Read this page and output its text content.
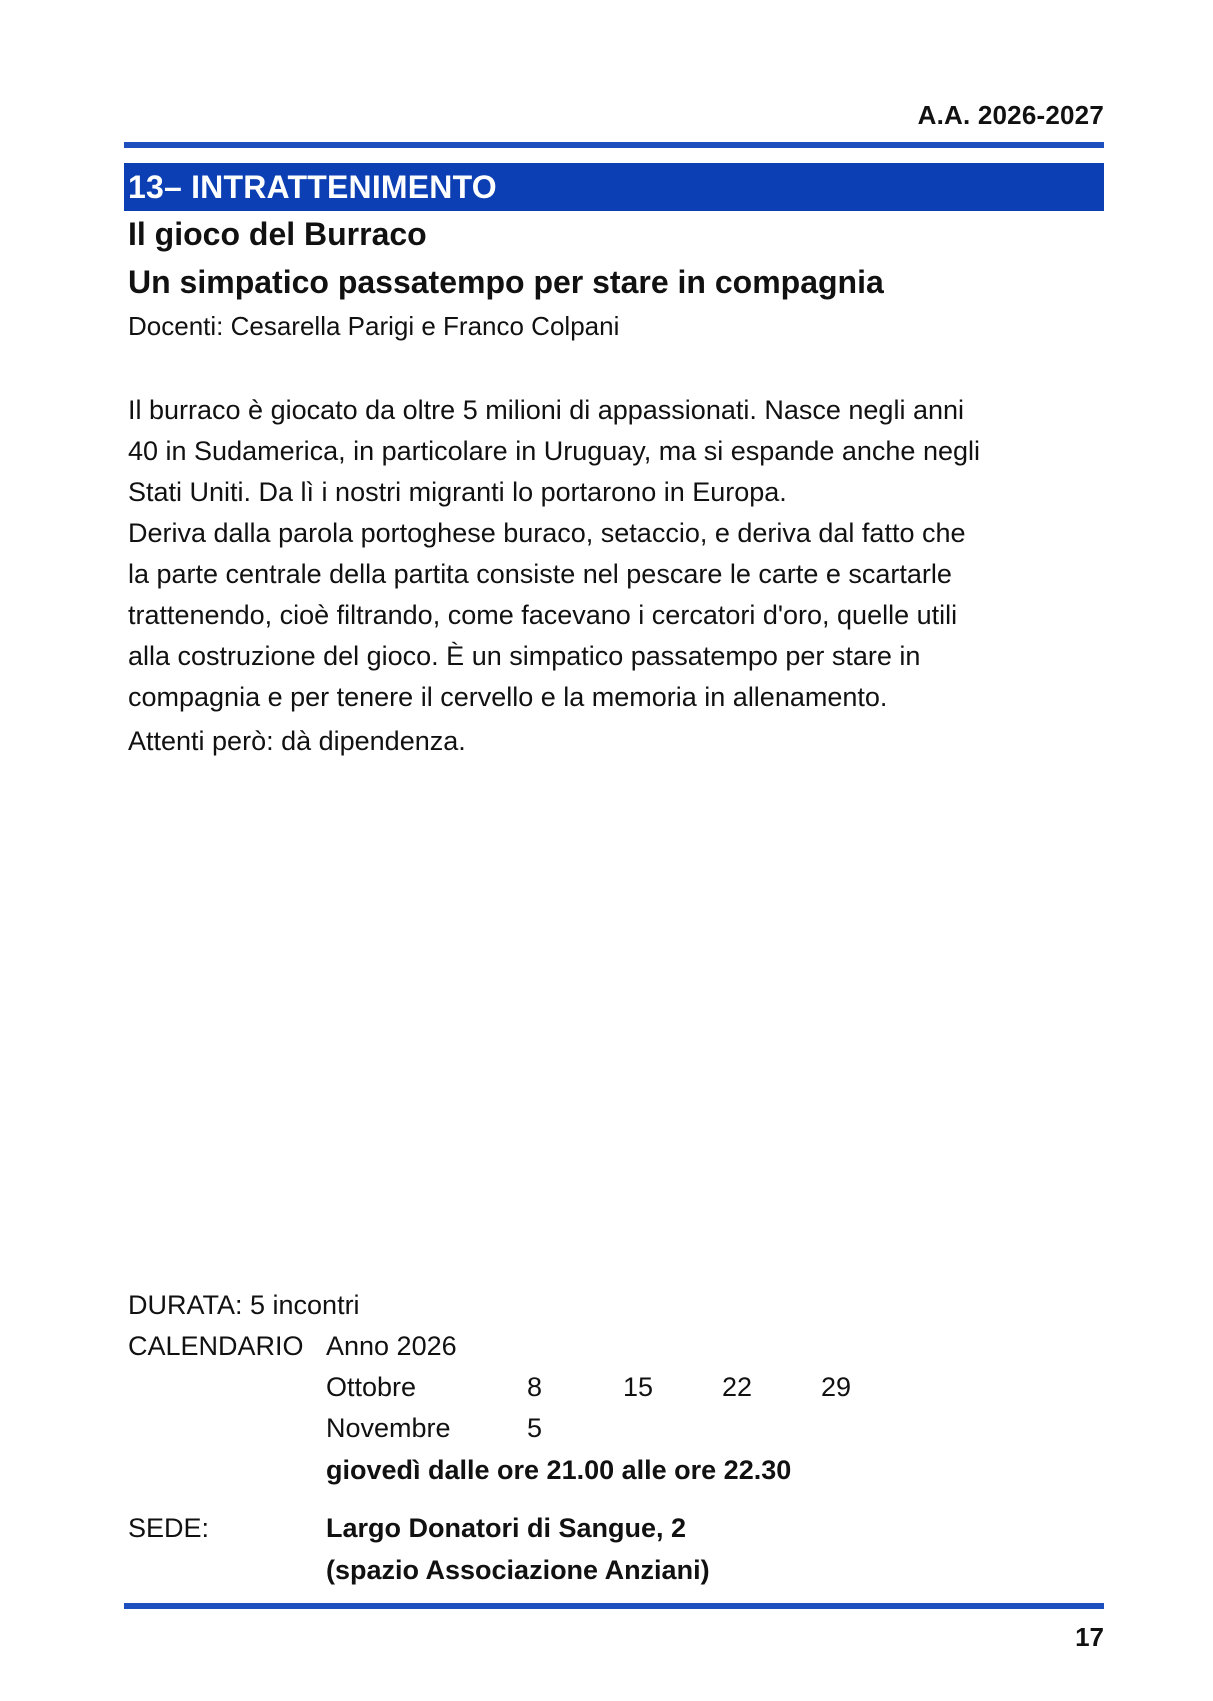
A.A. 2026-2027
13– INTRATTENIMENTO
Il gioco del Burraco
Un simpatico passatempo per stare in compagnia
Docenti: Cesarella Parigi e Franco Colpani
Il burraco è giocato da oltre 5 milioni di appassionati. Nasce negli anni
40 in Sudamerica, in particolare in Uruguay, ma si espande anche negli
Stati Uniti. Da lì i nostri migranti lo portarono in Europa.
Deriva dalla parola portoghese buraco, setaccio, e deriva dal fatto che
la parte centrale della partita consiste nel pescare le carte e scartarle
trattenendo, cioè filtrando, come facevano i cercatori d'oro, quelle utili
alla costruzione del gioco. È un simpatico passatempo per stare in
compagnia e per tenere il cervello e la memoria in allenamento.
Attenti però: dà dipendenza.
DURATA: 5 incontri
CALENDARIO Anno 2026
Ottobre	8	15	22	29
Novembre	5
giovedì dalle ore 21.00 alle ore 22.30
SEDE:	Largo Donatori di Sangue, 2
(spazio Associazione Anziani)
17
